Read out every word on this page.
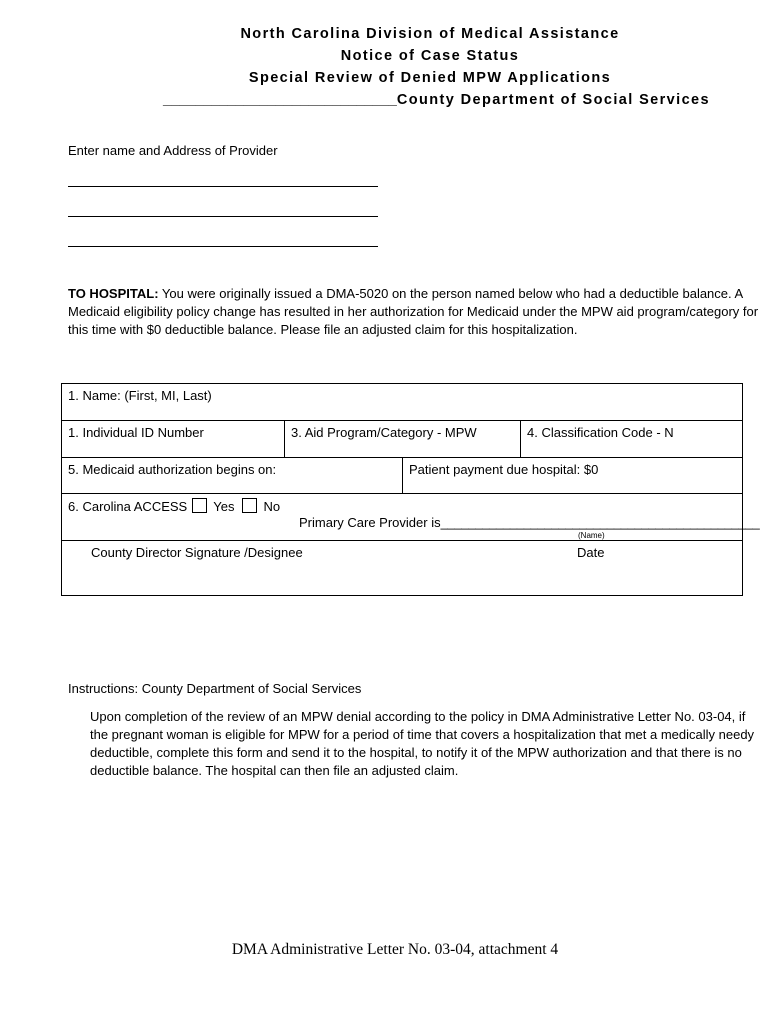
North Carolina Division of Medical Assistance
Notice of Case Status
Special Review of Denied MPW Applications
_____________________________County Department of Social Services
Enter name and Address of Provider
TO HOSPITAL: You were originally issued a DMA-5020 on the person named below who had a deductible balance. A
Medicaid eligibility policy change has resulted in her authorization for Medicaid under the MPW aid program/category for
this time with $0 deductible balance. Please file an adjusted claim for this hospitalization.
1. Name: (First, MI, Last)
1. Individual ID Number	3. Aid Program/Category - MPW	4. Classification Code - N
5. Medicaid authorization begins on:	Patient payment due hospital: $0
6. Carolina ACCESS Yes No
Primary Care Provider is______________________________________________
(Name)
County Director Signature /Designee	Date
Instructions: County Department of Social Services
Upon completion of the review of an MPW denial according to the policy in DMA Administrative Letter No. 03-04, if
the pregnant woman is eligible for MPW for a period of time that covers a hospitalization that met a medically needy
deductible, complete this form and send it to the hospital, to notify it of the MPW authorization and that there is no
deductible balance. The hospital can then file an adjusted claim.
DMA Administrative Letter No. 03-04, attachment 4
